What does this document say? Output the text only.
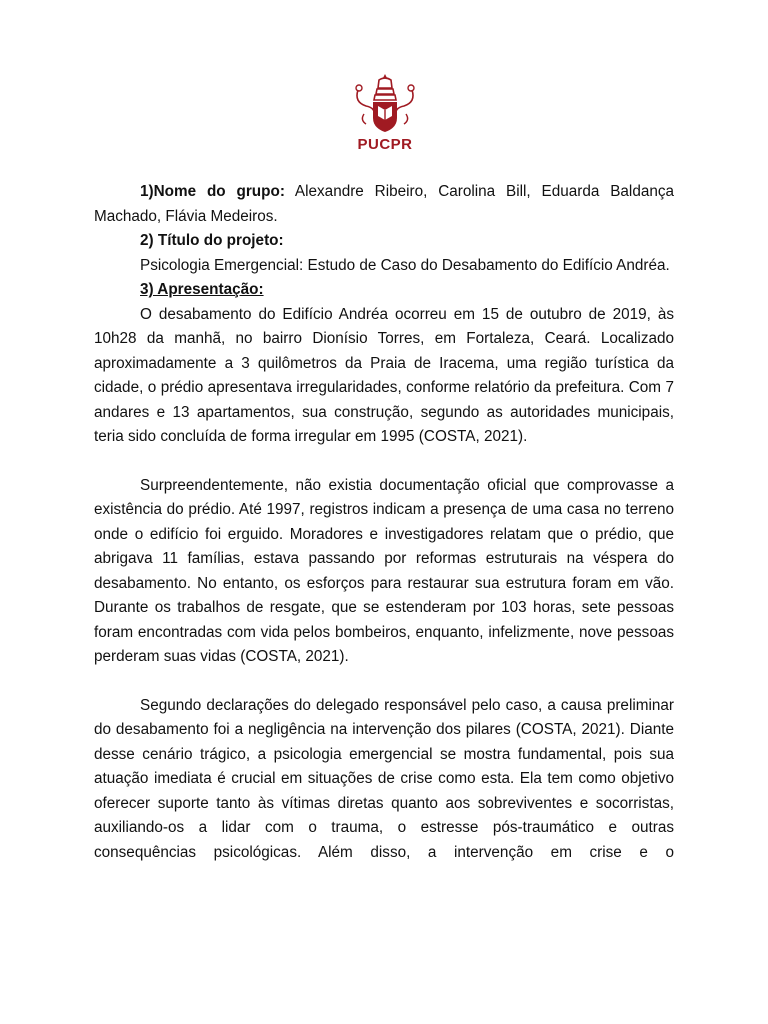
PUCPR

1)Nome do grupo: Alexandre Ribeiro, Carolina Bill, Eduarda Baldança Machado, Flávia Medeiros.

2) Título do projeto:

Psicologia Emergencial: Estudo de Caso do Desabamento do Edifício Andréa.

3) Apresentação:

O desabamento do Edifício Andréa ocorreu em 15 de outubro de 2019, às 10h28 da manhã, no bairro Dionísio Torres, em Fortaleza, Ceará. Localizado aproximadamente a 3 quilômetros da Praia de Iracema, uma região turística da cidade, o prédio apresentava irregularidades, conforme relatório da prefeitura. Com 7 andares e 13 apartamentos, sua construção, segundo as autoridades municipais, teria sido concluída de forma irregular em 1995 (COSTA, 2021).

Surpreendentemente, não existia documentação oficial que comprovasse a existência do prédio. Até 1997, registros indicam a presença de uma casa no terreno onde o edifício foi erguido. Moradores e investigadores relatam que o prédio, que abrigava 11 famílias, estava passando por reformas estruturais na véspera do desabamento. No entanto, os esforços para restaurar sua estrutura foram em vão. Durante os trabalhos de resgate, que se estenderam por 103 horas, sete pessoas foram encontradas com vida pelos bombeiros, enquanto, infelizmente, nove pessoas perderam suas vidas (COSTA, 2021).

Segundo declarações do delegado responsável pelo caso, a causa preliminar do desabamento foi a negligência na intervenção dos pilares (COSTA, 2021). Diante desse cenário trágico, a psicologia emergencial se mostra fundamental, pois sua atuação imediata é crucial em situações de crise como esta. Ela tem como objetivo oferecer suporte tanto às vítimas diretas quanto aos sobreviventes e socorristas, auxiliando-os a lidar com o trauma, o estresse pós-traumático e outras consequências psicológicas. Além disso, a intervenção em crise e o
